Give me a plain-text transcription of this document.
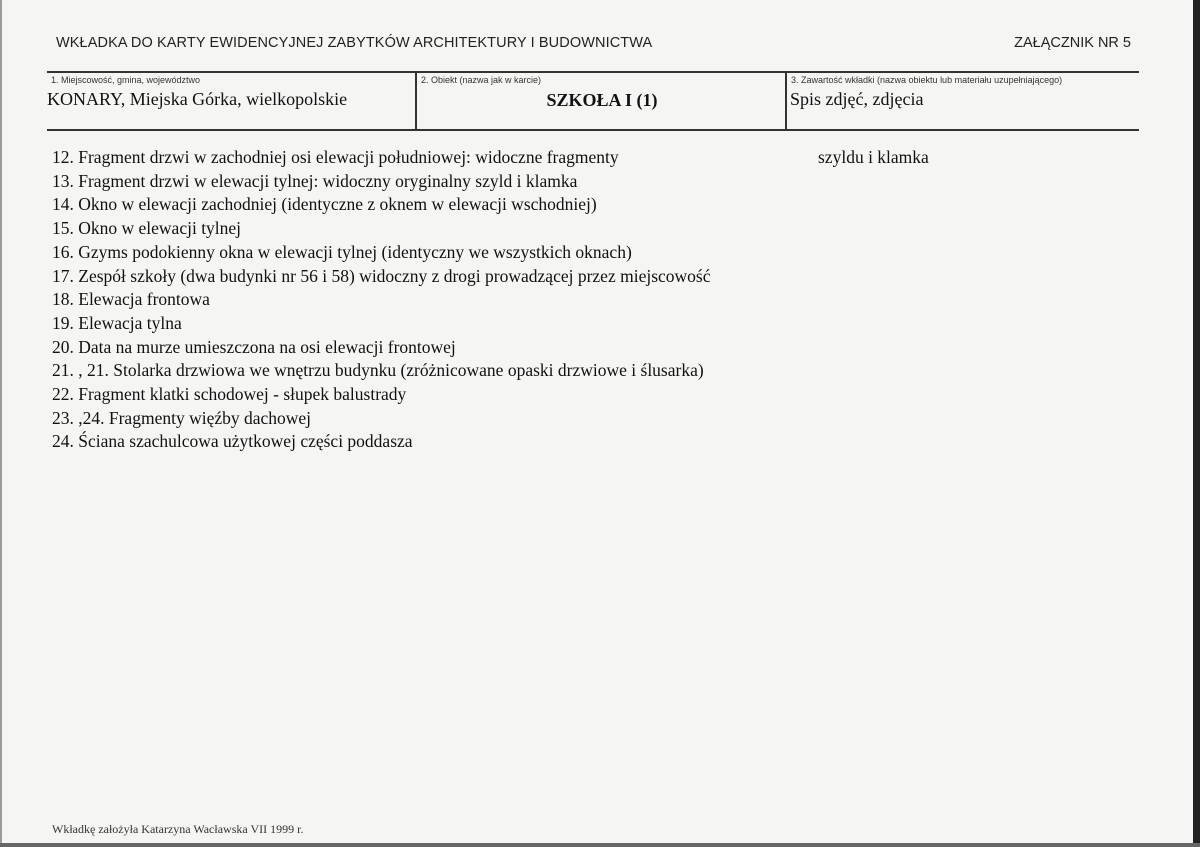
WKŁADKA DO KARTY EWIDENCYJNEJ ZABYTKÓW ARCHITEKTURY I BUDOWNICTWA	ZAŁĄCZNIK NR 5
1. Miejscowość, gmina, województwo
KONARY, Miejska Górka, wielkopolskie
2. Obiekt (nazwa jak w karcie)
SZKOŁA I (1)
3. Zawartość wkładki (nazwa obiektu lub materiału uzupełniającego)
Spis zdjęć, zdjęcia
12. Fragment drzwi w zachodniej osi elewacji południowej: widoczne fragmenty
13. Fragment drzwi w elewacji tylnej: widoczny oryginalny szyld i klamka
14. Okno w elewacji zachodniej (identyczne z oknem w elewacji wschodniej)
15. Okno w elewacji tylnej
16. Gzyms podokienny okna w elewacji tylnej (identyczny we wszystkich oknach)
17. Zespół szkoły (dwa budynki nr 56 i 58) widoczny z drogi prowadzącej przez miejscowość
18. Elewacja frontowa
19. Elewacja tylna
20. Data na murze umieszczona na osi elewacji frontowej
21. , 21. Stolarka drzwiowa we wnętrzu budynku (zróżnicowane opaski drzwiowe i ślusarka)
22. Fragment klatki schodowej - słupek balustrady
23. ,24. Fragmenty więźby dachowej
24. Ściana szachulcowa użytkowej części poddasza
szyldu i klamka
Wkładkę założyła Katarzyna Wacławska VII 1999 r.
